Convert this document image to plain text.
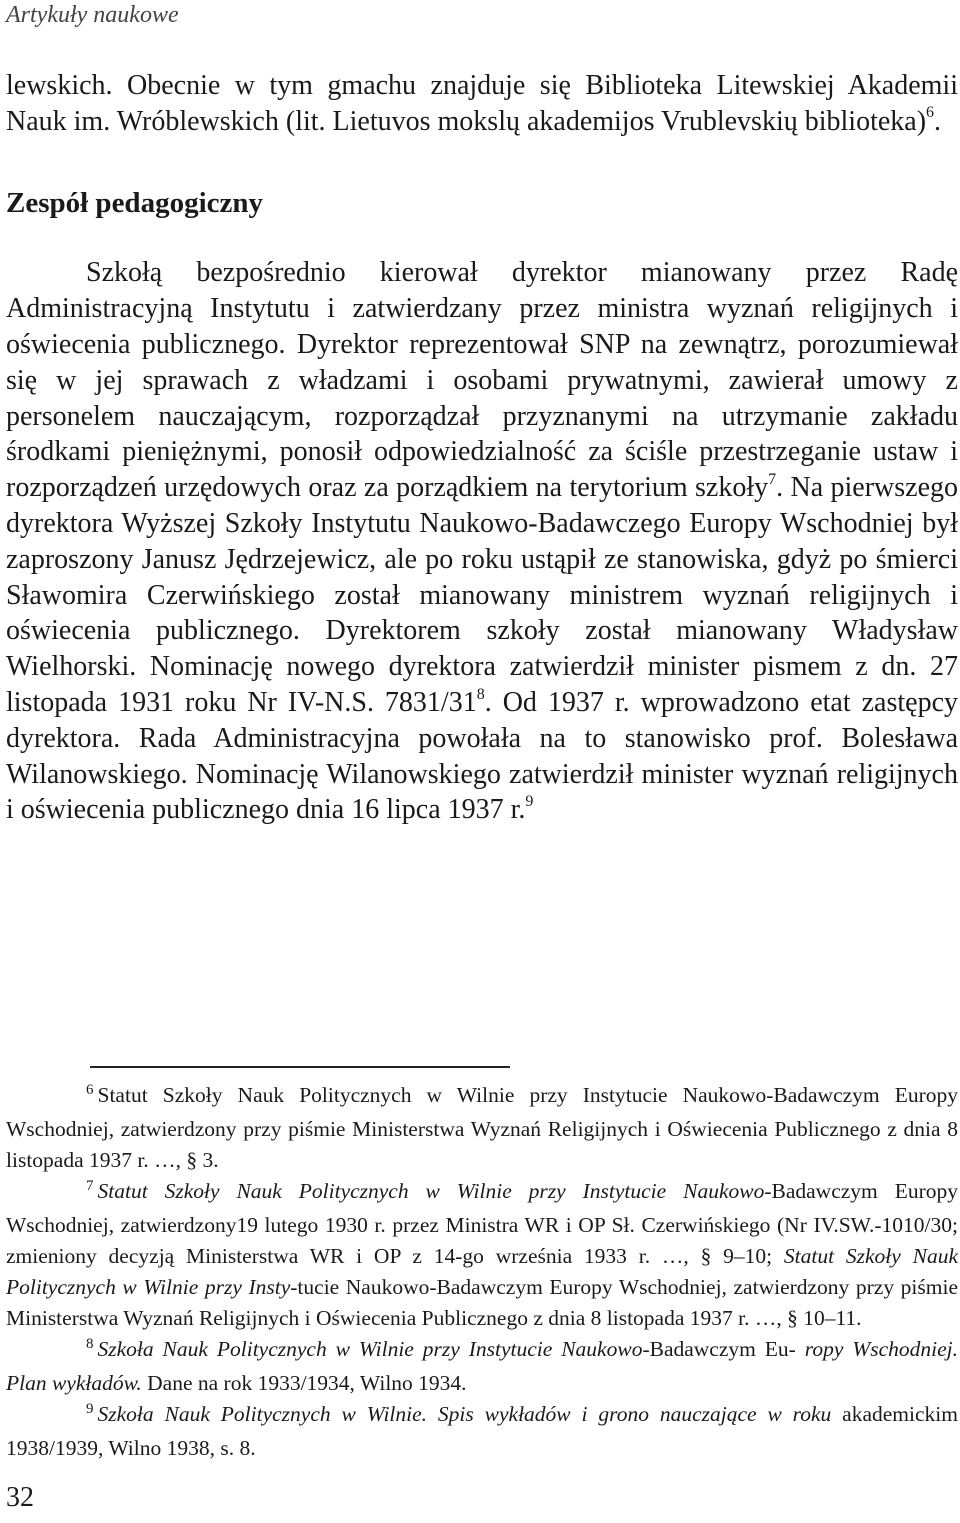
Artykuły naukowe

lewskich. Obecnie w tym gmachu znajduje się Biblioteka Litewskiej Akademii Nauk im. Wróblewskich (lit. Lietuvos mokslų akademijos Vrublevskių biblioteka)$^6$.

Zespół pedagogiczny

Szkołą bezpośrednio kierował dyrektor mianowany przez Radę Administracyjną Instytutu i zatwierdzany przez ministra wyznań religijnych i oświecenia publicznego. Dyrektor reprezentował SNP na zewnątrz, porozumiewał się w jej sprawach z władzami i osobami prywatnymi, zawierał umowy z personelem nauczającym, rozporządzał przyznanymi na utrzymanie zakładu środkami pieniężnymi, ponosił odpowiedzialność za ściśle przestrzeganie ustaw i rozporządzeń urzędowych oraz za porządkiem na terytorium szkoły$^7$. Na pierwszego dyrektora Wyższej Szkoły Instytutu Naukowo-Badawczego Europy Wschodniej był zaproszony Janusz Jędrzejewicz, ale po roku ustąpił ze stanowiska, gdyż po śmierci Sławomira Czerwińskiego został mianowany ministrem wyznań religijnych i oświecenia publicznego. Dyrektorem szkoły został mianowany Władysław Wielhorski. Nominację nowego dyrektora zatwierdził minister pismem z dn. 27 listopada 1931 roku Nr IV-N.S. $7831/31^8$. Od 1937 r. wprowadzono etat zastępcy dyrektora. Rada Administracyjna powołała na to stanowisko prof. Bolesława Wilanowskiego. Nominację Wilanowskiego zatwierdził minister wyznań religijnych i oświecenia publicznego dnia 16 lipca 1937 r.$^9$

$^6$ Statut Szkoły Nauk Politycznych w Wilnie przy Instytucie Naukowo-Badawczym Europy Wschodniej, zatwierdzony przy piśmie Ministerstwa Wyznań Religijnych i Oświecenia Publicznego z dnia 8 listopada 1937 r. …, § 3.

$^7$ Statut Szkoły Nauk Politycznych w Wilnie przy Instytucie Naukowo-Badawczym Europy Wschodniej, zatwierdzony19 lutego 1930 r. przez Ministra WR i OP Sł. Czerwińskiego (Nr IV.SW.-1010/30; zmieniony decyzją Ministerstwa WR i OP z 14-go września 1933 r. …, § 9–10; Statut Szkoły Nauk Politycznych w Wilnie przy Insty-tucie Naukowo-Badawczym Europy Wschodniej, zatwierdzony przy piśmie Ministerstwa Wyznań Religijnych i Oświecenia Publicznego z dnia 8 listopada 1937 r. …, § 10–11.

$^8$ Szkoła Nauk Politycznych w Wilnie przy Instytucie Naukowo-Badawczym Eu- ropy Wschodniej. Plan wykładów. Dane na rok 1933/1934, Wilno 1934.

$^9$ Szkoła Nauk Politycznych w Wilnie. Spis wykładów i grono nauczające w roku akademickim 1938/1939, Wilno 1938, s. 8.

32
